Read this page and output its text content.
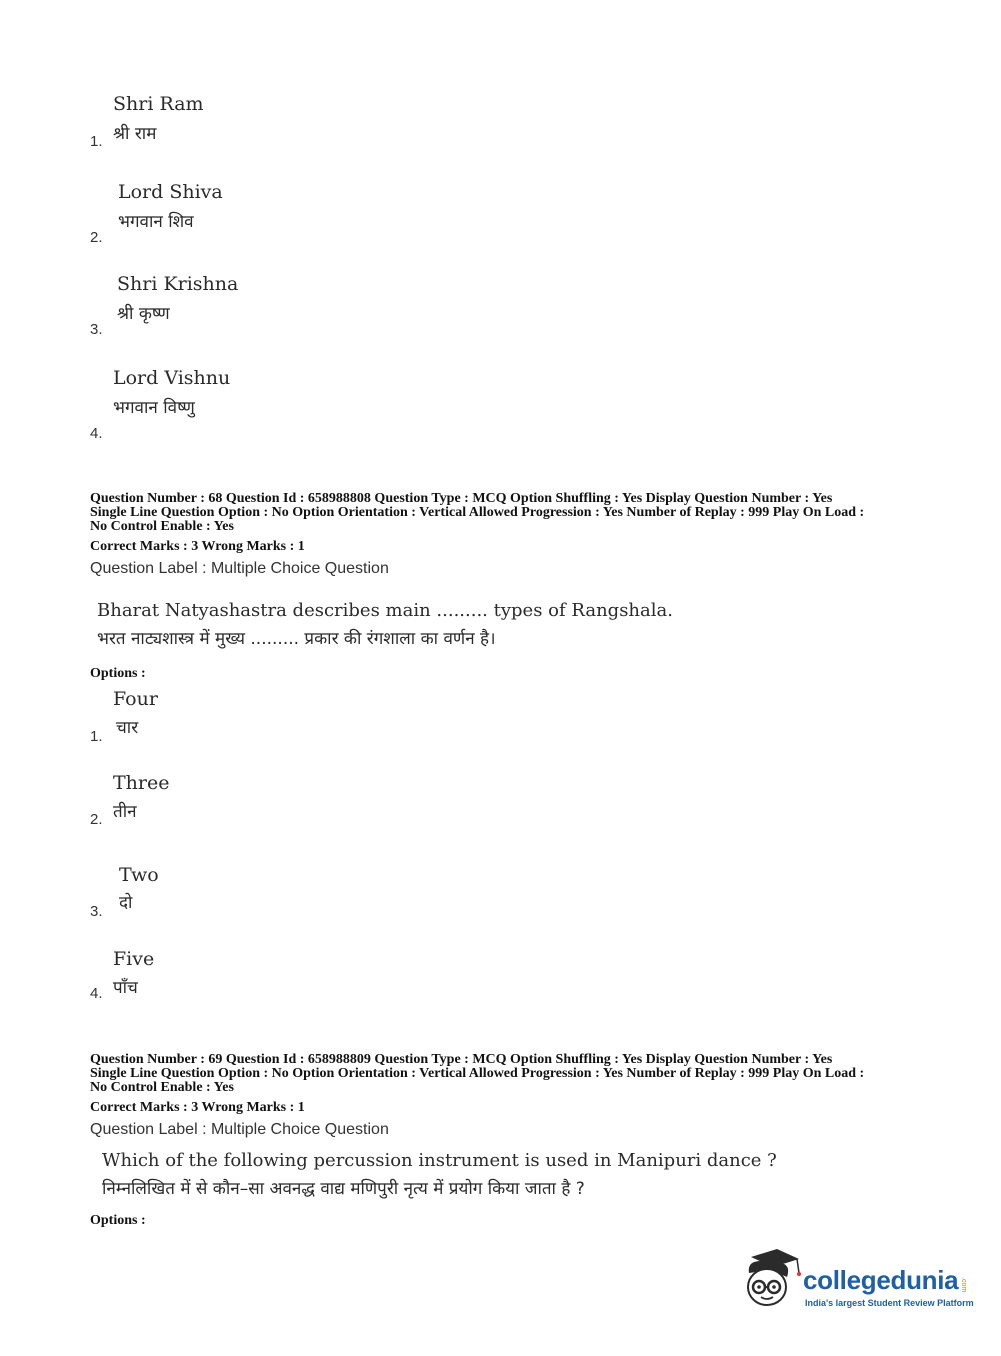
Shri Ram
श्री राम
1.
Lord Shiva
भगवान शिव
2.
Shri Krishna
श्री कृष्ण
3.
Lord Vishnu
भगवान विष्णु
4.
Question Number : 68 Question Id : 658988808 Question Type : MCQ Option Shuffling : Yes Display Question Number : Yes
Single Line Question Option : No Option Orientation : Vertical Allowed Progression : Yes Number of Replay : 999 Play On Load :
No Control Enable : Yes
Correct Marks : 3 Wrong Marks : 1
Question Label : Multiple Choice Question
Bharat Natyashastra describes main ......... types of Rangshala.
भरत नाट्यशास्त्र में मुख्य ......... प्रकार की रंगशाला का वर्णन है।
Options :
Four
चार
1.
Three
तीन
2.
Two
दो
3.
Five
पाँच
4.
Question Number : 69 Question Id : 658988809 Question Type : MCQ Option Shuffling : Yes Display Question Number : Yes
Single Line Question Option : No Option Orientation : Vertical Allowed Progression : Yes Number of Replay : 999 Play On Load :
No Control Enable : Yes
Correct Marks : 3 Wrong Marks : 1
Question Label : Multiple Choice Question
Which of the following percussion instrument is used in Manipuri dance ?
निम्नलिखित में से कौन–सा अवनद्ध वाद्य मणिपुरी नृत्य में प्रयोग किया जाता है ?
Options :
collegedunia .com
India's largest Student Review Platform
